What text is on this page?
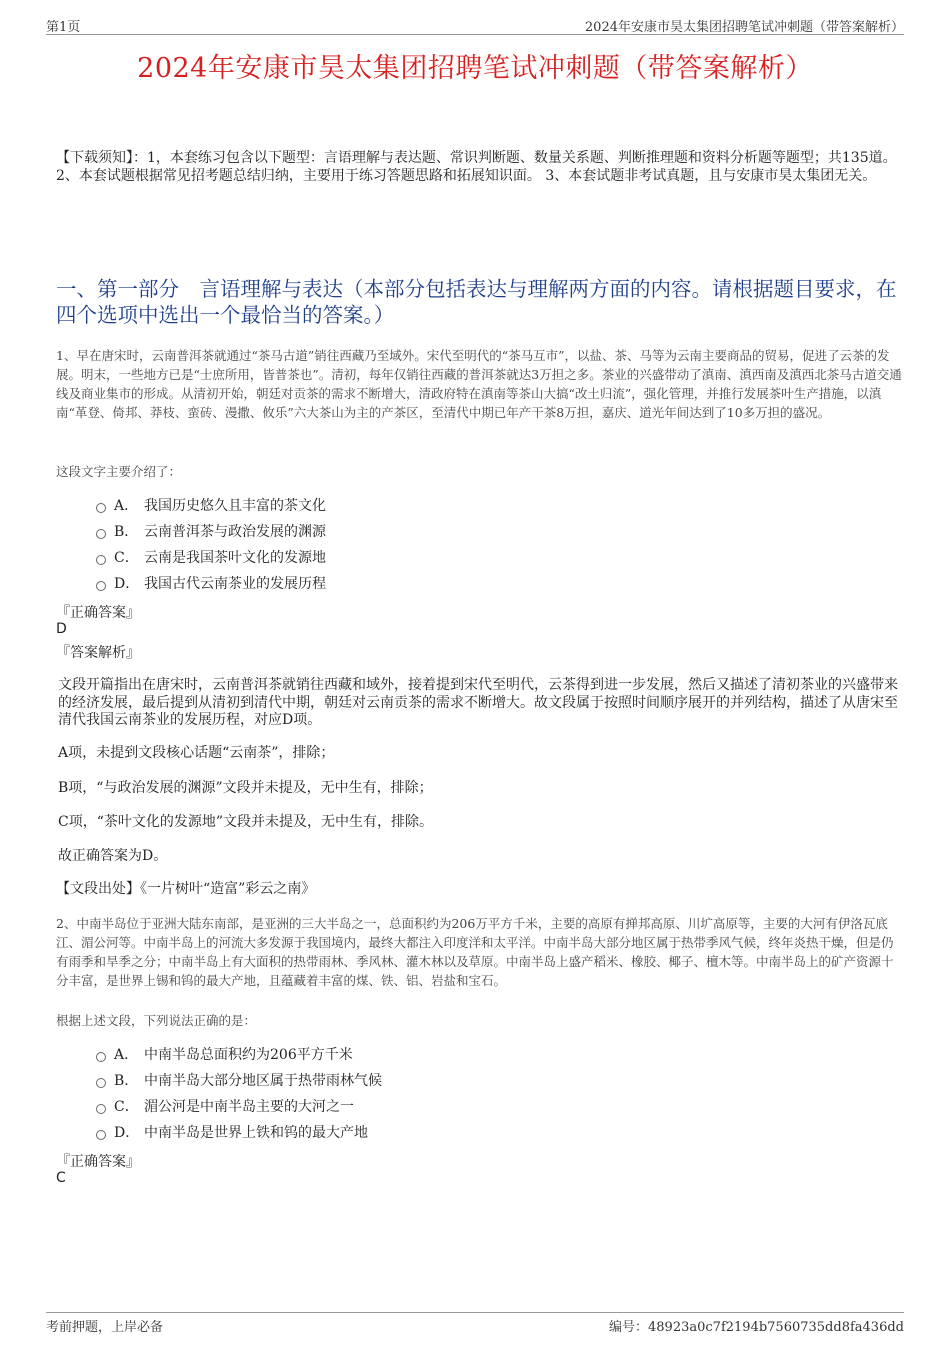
第1页	2024年安康市昊太集团招聘笔试冲刺题（带答案解析）
2024年安康市昊太集团招聘笔试冲刺题（带答案解析）
【下载须知】：1，本套练习包含以下题型：言语理解与表达题、常识判断题、数量关系题、判断推理题和资料分析题等题型；共135道。 2、本套试题根据常见招考题总结归纳，主要用于练习答题思路和拓展知识面。 3、本套试题非考试真题，且与安康市昊太集团无关。
一、第一部分　言语理解与表达（本部分包括表达与理解两方面的内容。请根据题目要求，在四个选项中选出一个最恰当的答案。）
1、早在唐宋时，云南普洱茶就通过“茶马古道”销往西藏乃至域外。宋代至明代的“茶马互市”，以盐、茶、马等为云南主要商品的贸易，促进了云茶的发展。明末，一些地方已是“士庶所用，皆普茶也”。清初，每年仅销往西藏的普洱茶就达3万担之多。茶业的兴盛带动了滇南、滇西南及滇西北茶马古道交通线及商业集市的形成。从清初开始，朝廷对贡茶的需求不断增大，清政府特在滇南等茶山大搞“改土归流”，强化管理，并推行发展茶叶生产措施，以滇南“革登、倚邦、莽枝、蛮砖、漫撒、攸乐”六大茶山为主的产茶区，至清代中期已年产干茶8万担，嘉庆、道光年间达到了10多万担的盛况。
这段文字主要介绍了：
A． 我国历史悠久且丰富的茶文化
B． 云南普洱茶与政治发展的渊源
C． 云南是我国茶叶文化的发源地
D． 我国古代云南茶业的发展历程
『正确答案』
D
『答案解析』
文段开篇指出在唐宋时，云南普洱茶就销往西藏和域外，接着提到宋代至明代，云茶得到进一步发展，然后又描述了清初茶业的兴盛带来的经济发展，最后提到从清初到清代中期，朝廷对云南贡茶的需求不断增大。故文段属于按照时间顺序展开的并列结构，描述了从唐宋至清代我国云南茶业的发展历程，对应D项。
A项，未提到文段核心话题“云南茶”，排除；
B项，“与政治发展的渊源”文段并未提及，无中生有，排除；
C项，“茶叶文化的发源地”文段并未提及，无中生有，排除。
故正确答案为D。
【文段出处】《一片树叶“造富”彩云之南》
2、中南半岛位于亚洲大陆东南部，是亚洲的三大半岛之一，总面积约为206万平方千米，主要的高原有掸邦高原、川圹高原等，主要的大河有伊洛瓦底江、湄公河等。中南半岛上的河流大多发源于我国境内，最终大都注入印度洋和太平洋。中南半岛大部分地区属于热带季风气候，终年炎热干燥，但是仍有雨季和旱季之分；中南半岛上有大面积的热带雨林、季风林、灌木林以及草原。中南半岛上盛产稻米、橡胶、椰子、檀木等。中南半岛上的矿产资源十分丰富，是世界上锡和钨的最大产地，且蕴藏着丰富的煤、铁、铝、岩盐和宝石。
根据上述文段，下列说法正确的是：
A． 中南半岛总面积约为206平方千米
B． 中南半岛大部分地区属于热带雨林气候
C． 湄公河是中南半岛主要的大河之一
D． 中南半岛是世界上铁和钨的最大产地
『正确答案』
C
考前押题，上岸必备	编号：48923a0c7f2194b7560735dd8fa436dd
